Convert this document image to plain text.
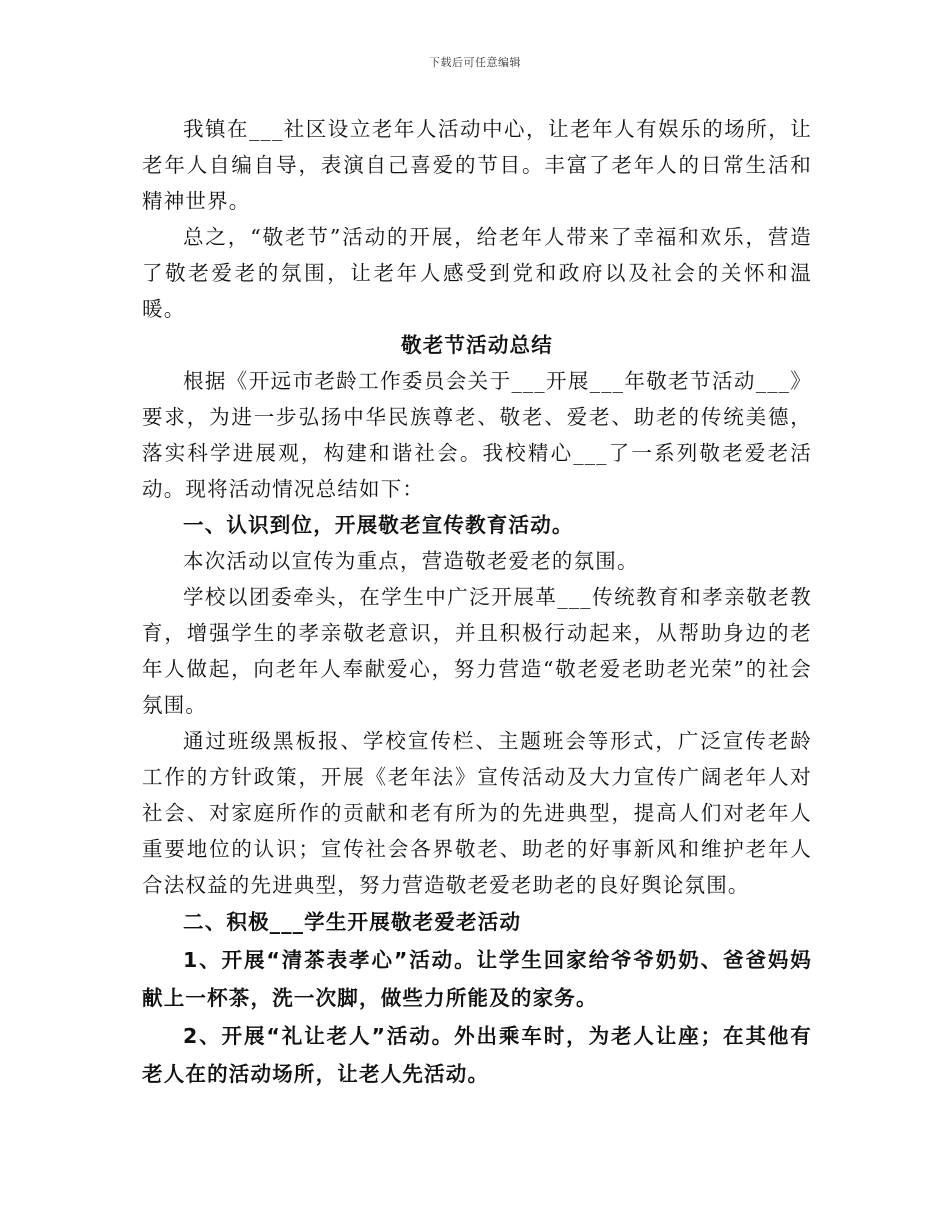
下载后可任意编辑

我镇在___社区设立老年人活动中心，让老年人有娱乐的场所，让老年人自编自导，表演自己喜爱的节目。丰富了老年人的日常生活和精神世界。

总之，“敬老节”活动的开展，给老年人带来了幸福和欢乐，营造了敬老爱老的氛围，让老年人感受到党和政府以及社会的关怀和温暖。

敬老节活动总结

根据《开远市老龄工作委员会关于___开展___年敬老节活动___》要求，为进一步弘扬中华民族尊老、敬老、爱老、助老的传统美德，落实科学进展观，构建和谐社会。我校精心___了一系列敬老爱老活动。现将活动情况总结如下：

一、认识到位，开展敬老宣传教育活动。

本次活动以宣传为重点，营造敬老爱老的氛围。

学校以团委牵头，在学生中广泛开展革___传统教育和孝亲敬老教育，增强学生的孝亲敬老意识，并且积极行动起来，从帮助身边的老年人做起，向老年人奉献爱心，努力营造“敬老爱老助老光荣”的社会氛围。

通过班级黑板报、学校宣传栏、主题班会等形式，广泛宣传老龄工作的方针政策，开展《老年法》宣传活动及大力宣传广阔老年人对社会、对家庭所作的贡献和老有所为的先进典型，提高人们对老年人重要地位的认识；宣传社会各界敬老、助老的好事新风和维护老年人合法权益的先进典型，努力营造敬老爱老助老的良好舆论氛围。

二、积极___学生开展敬老爱老活动

1、开展“清茶表孝心”活动。让学生回家给爷爷奶奶、爸爸妈妈献上一杯茶，洗一次脚，做些力所能及的家务。

2、开展“礼让老人”活动。外出乘车时，为老人让座；在其他有老人在的活动场所，让老人先活动。
